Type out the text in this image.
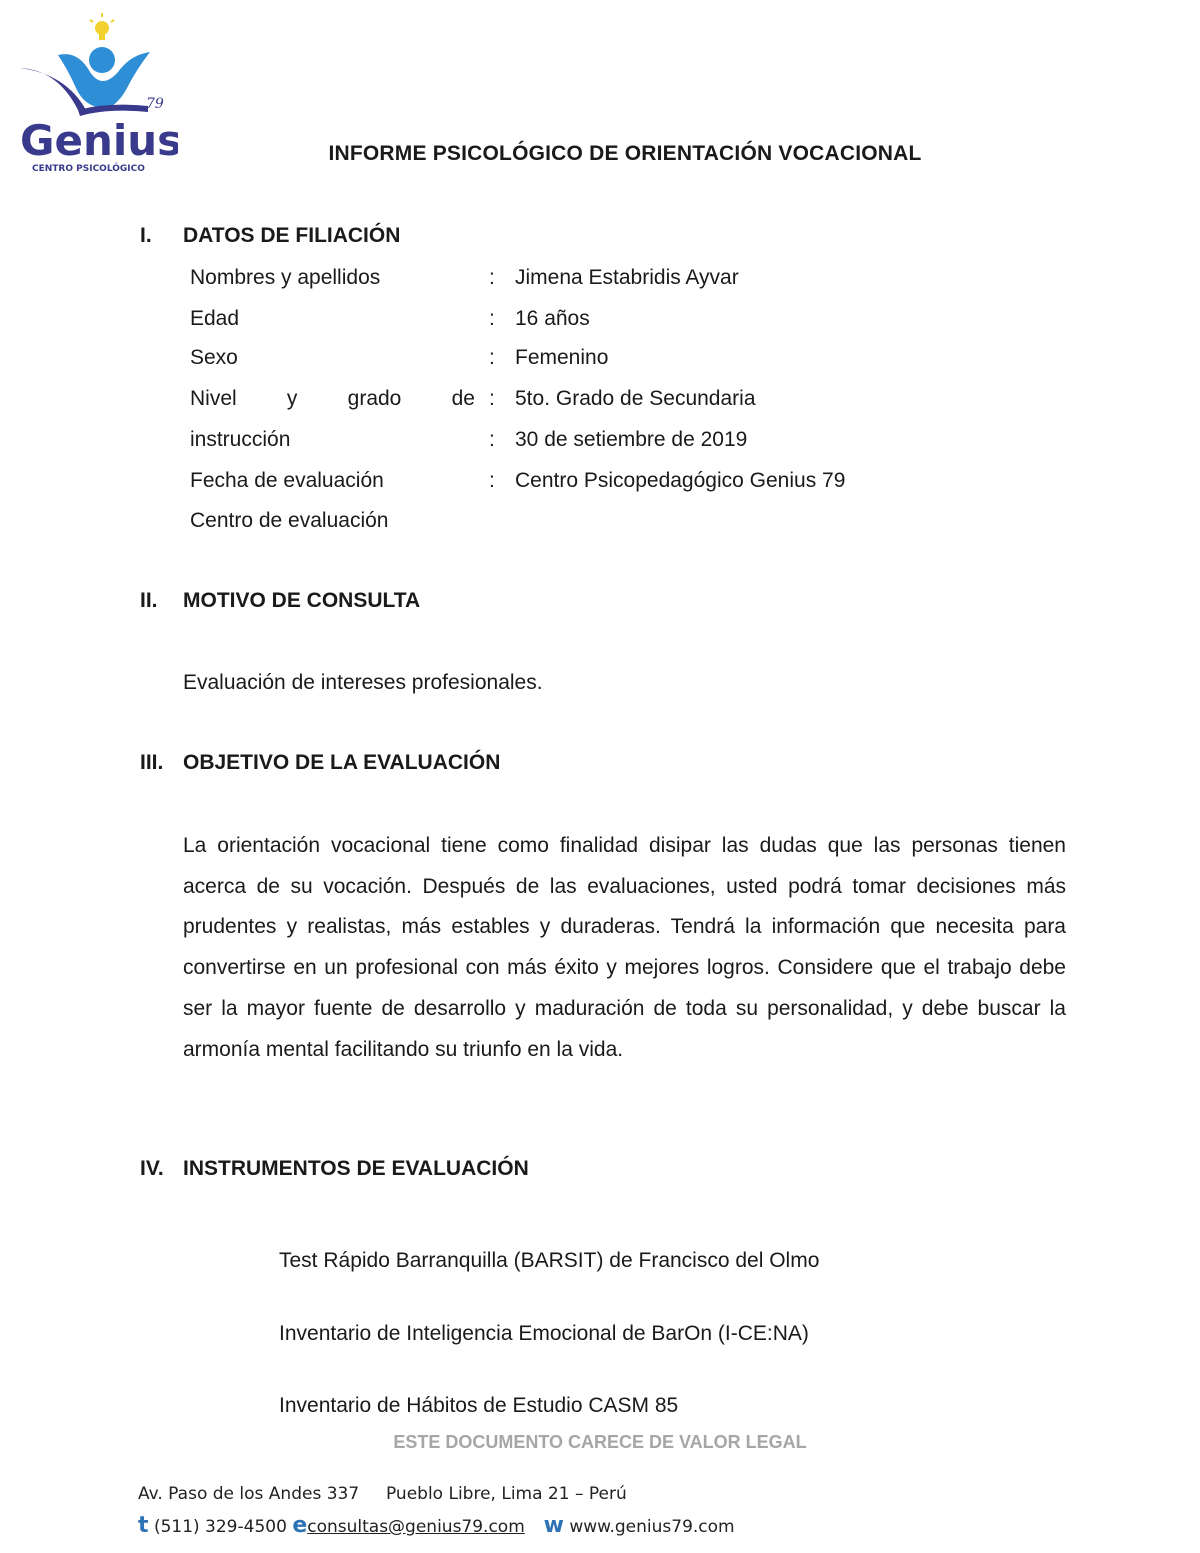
79
Genius
CENTRO PSICOLÓGICO
INFORME PSICOLÓGICO DE ORIENTACIÓN VOCACIONAL
I. DATOS DE FILIACIÓN
Nombres y apellidos	: Jimena Estabridis Ayvar
Edad	: 16 años
Sexo	: Femenino
Nivel y grado de : 5to. Grado de Secundaria
instrucción	: 30 de setiembre de 2019
Fecha de evaluación	: Centro Psicopedagógico Genius 79
Centro de evaluación
II. MOTIVO DE CONSULTA
Evaluación de intereses profesionales.
III. OBJETIVO DE LA EVALUACIÓN
La orientación vocacional tiene como finalidad disipar las dudas que las personas tienen acerca de su vocación. Después de las evaluaciones, usted podrá tomar decisiones más prudentes y realistas, más estables y duraderas. Tendrá la información que necesita para convertirse en un profesional con más éxito y mejores logros. Considere que el trabajo debe ser la mayor fuente de desarrollo y maduración de toda su personalidad, y debe buscar la armonía mental facilitando su triunfo en la vida.
IV. INSTRUMENTOS DE EVALUACIÓN
Test Rápido Barranquilla (BARSIT) de Francisco del Olmo
Inventario de Inteligencia Emocional de BarOn (I-CE:NA)
Inventario de Hábitos de Estudio CASM 85
ESTE DOCUMENTO CARECE DE VALOR LEGAL
Av. Paso de los Andes 337 Pueblo Libre, Lima 21 – Perú
t (511) 329-4500 econsultas@genius79.com w www.genius79.com
